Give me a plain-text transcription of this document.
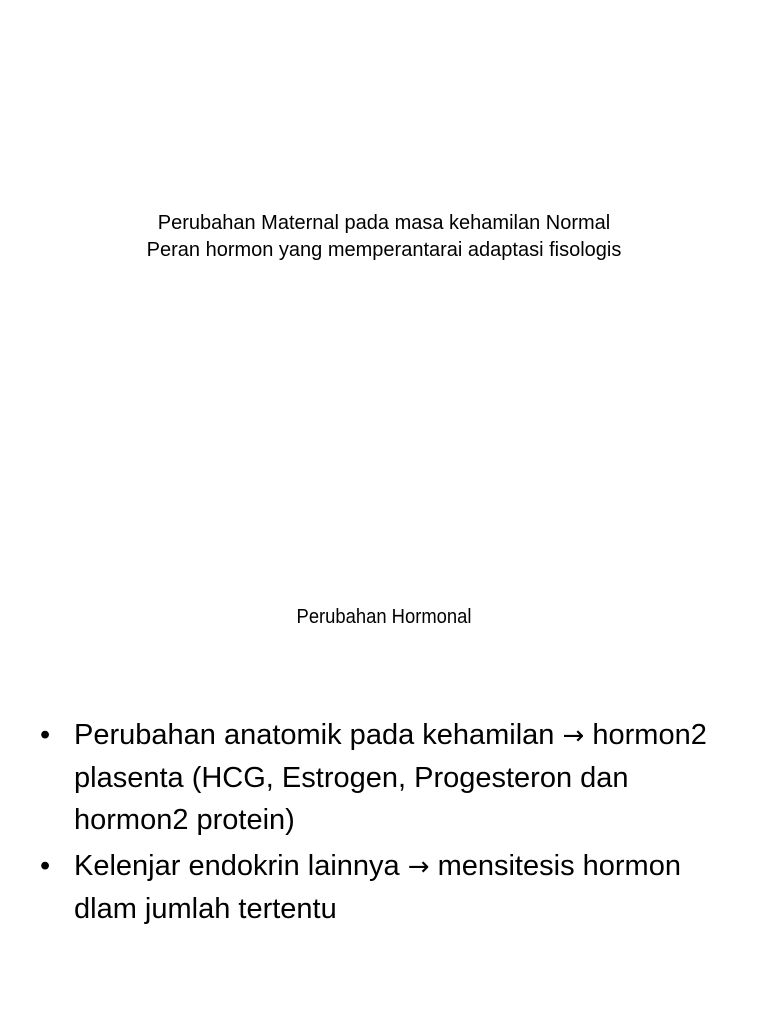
Perubahan Maternal pada masa kehamilan Normal
Peran hormon yang memperantarai adaptasi fisologis
Perubahan Hormonal
• Perubahan anatomik pada kehamilan → hormon2 plasenta (HCG, Estrogen, Progesteron dan hormon2 protein)
• Kelenjar endokrin lainnya → mensitesis hormon dlam jumlah tertentu
